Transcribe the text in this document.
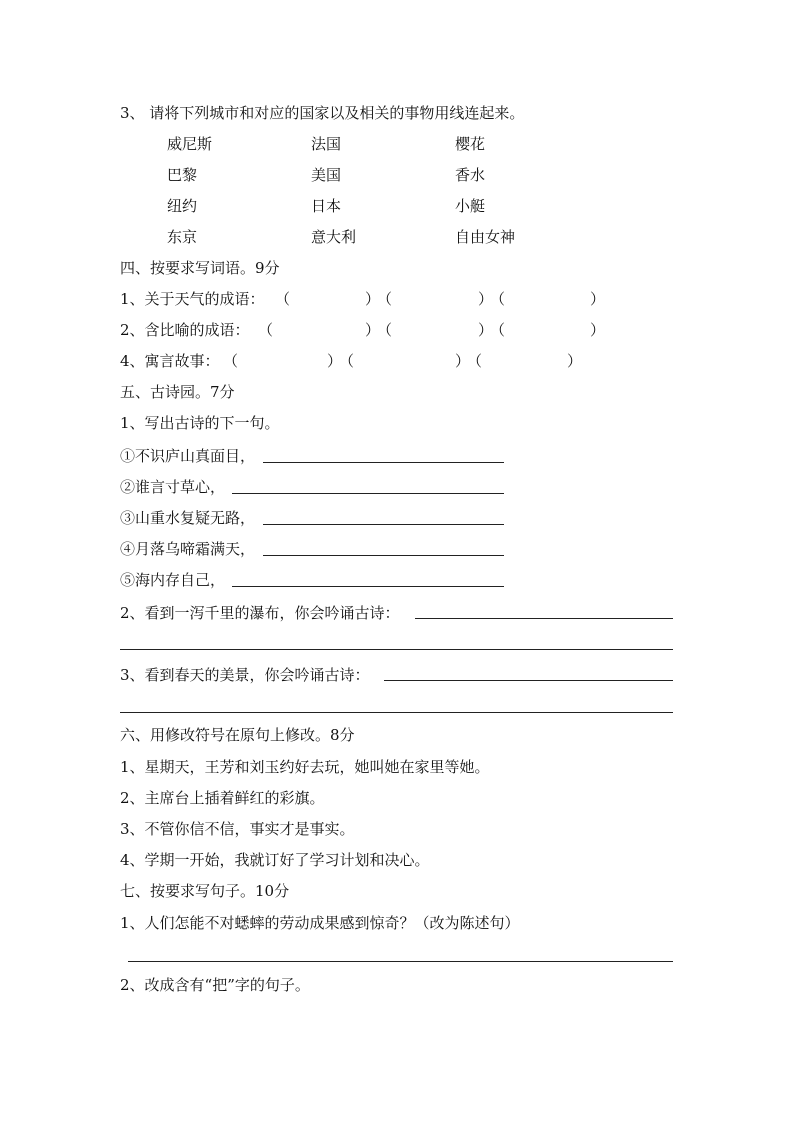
3、 请将下列城市和对应的国家以及相关的事物用线连起来。
威尼斯	法国	樱花
巴黎	美国	香水
纽约	日本	小艇
东京	意大利	自由女神
四、按要求写词语。9分
1、关于天气的成语： （	）
（	）
（	）
2、含比喻的成语： （	）
（	）
（	）
4、寓言故事： （	）
（	）
（	）
五、古诗园。7分
1、写出古诗的下一句。
①不识庐山真面目，
②谁言寸草心，
③山重水复疑无路，
④月落乌啼霜满天，
⑤海内存自己，
2、看到一泻千里的瀑布，你会吟诵古诗：
3、看到春天的美景，你会吟诵古诗：
六、用修改符号在原句上修改。8分
1、星期天，王芳和刘玉约好去玩，她叫她在家里等她。
2、主席台上插着鲜红的彩旗。
3、不管你信不信，事实才是事实。
4、学期一开始，我就订好了学习计划和决心。
七、按要求写句子。10分
1、人们怎能不对蟋蟀的劳动成果感到惊奇？（改为陈述句）
2、改成含有“把”字的句子。
